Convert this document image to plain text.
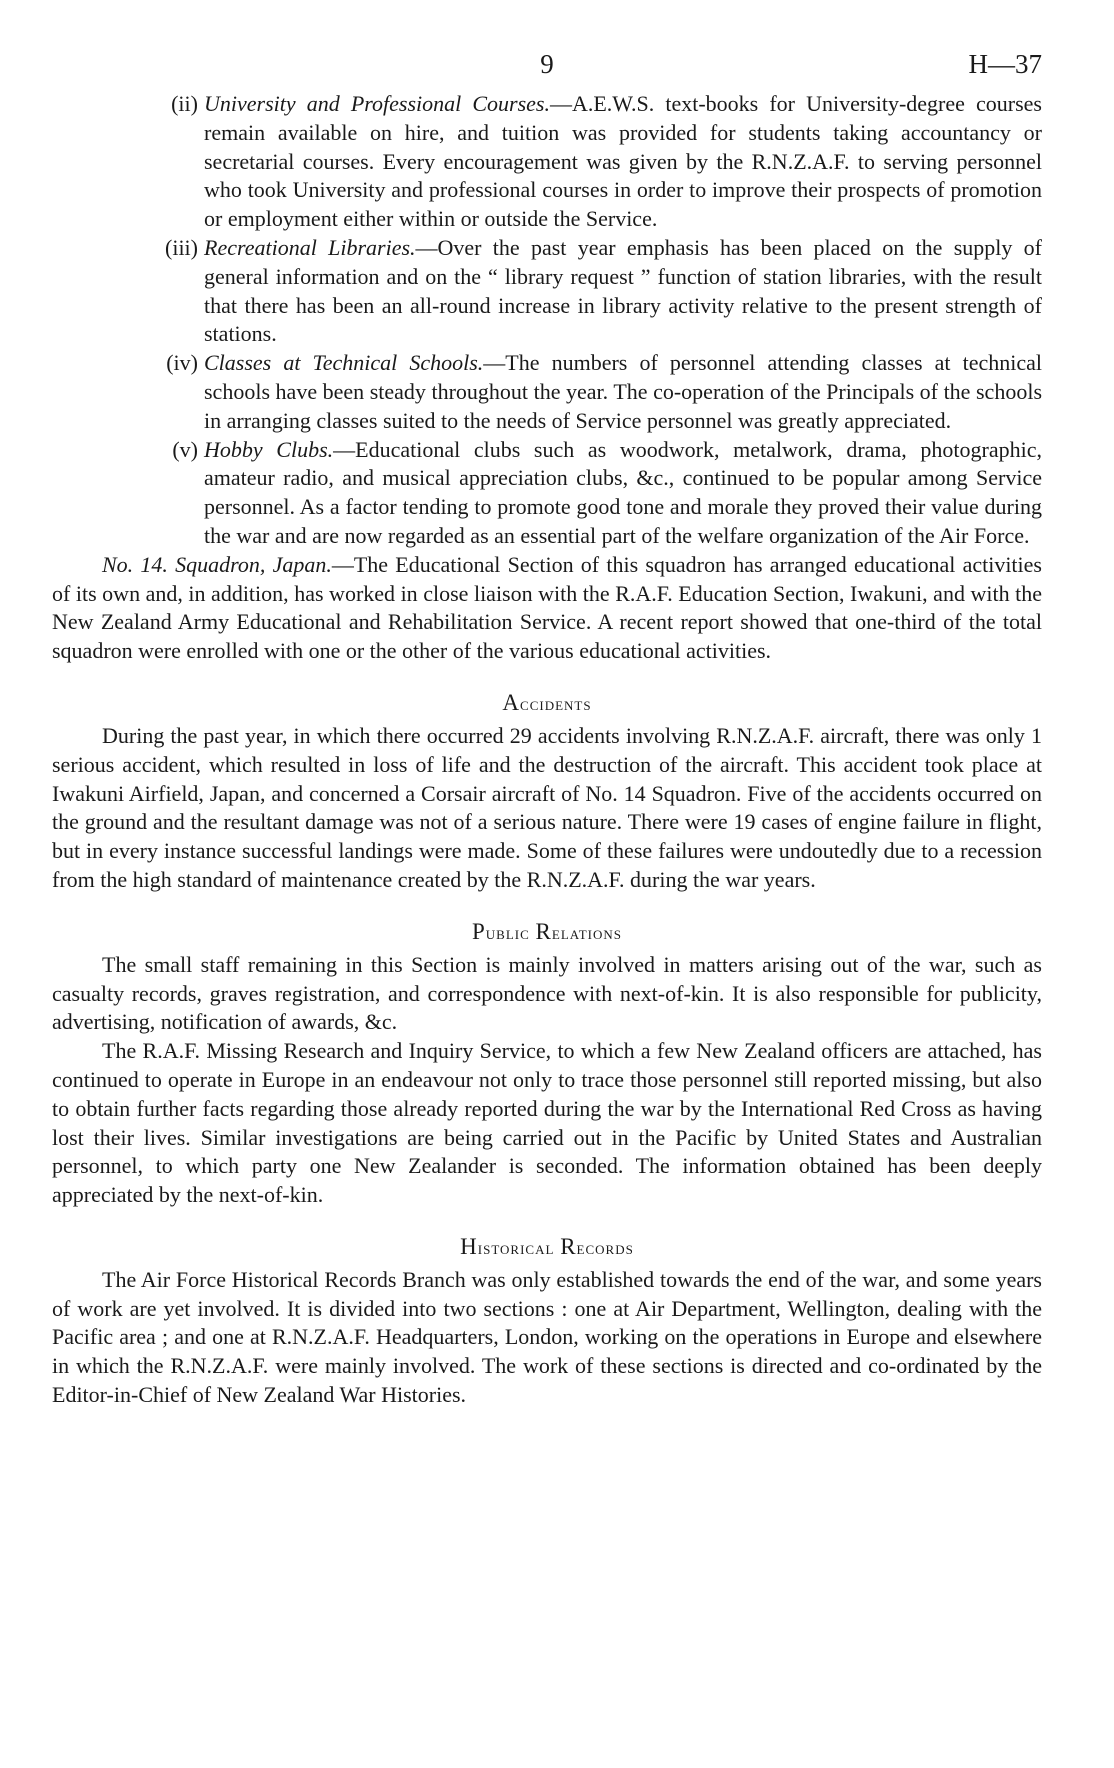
9	H—37
(ii) University and Professional Courses.—A.E.W.S. text-books for University-degree courses remain available on hire, and tuition was provided for students taking accountancy or secretarial courses. Every encouragement was given by the R.N.Z.A.F. to serving personnel who took University and professional courses in order to improve their prospects of promotion or employment either within or outside the Service.

(iii) Recreational Libraries.—Over the past year emphasis has been placed on the supply of general information and on the “ library request ” function of station libraries, with the result that there has been an all-round increase in library activity relative to the present strength of stations.

(iv) Classes at Technical Schools.—The numbers of personnel attending classes at technical schools have been steady throughout the year. The co-operation of the Principals of the schools in arranging classes suited to the needs of Service personnel was greatly appreciated.

(v) Hobby Clubs.—Educational clubs such as woodwork, metalwork, drama, photographic, amateur radio, and musical appreciation clubs, &c., continued to be popular among Service personnel. As a factor tending to promote good tone and morale they proved their value during the war and are now regarded as an essential part of the welfare organization of the Air Force.

No. 14. Squadron, Japan.—The Educational Section of this squadron has arranged educational activities of its own and, in addition, has worked in close liaison with the R.A.F. Education Section, Iwakuni, and with the New Zealand Army Educational and Rehabilitation Service. A recent report showed that one-third of the total squadron were enrolled with one or the other of the various educational activities.

Accidents

During the past year, in which there occurred 29 accidents involving R.N.Z.A.F. aircraft, there was only 1 serious accident, which resulted in loss of life and the destruction of the aircraft. This accident took place at Iwakuni Airfield, Japan, and concerned a Corsair aircraft of No. 14 Squadron. Five of the accidents occurred on the ground and the resultant damage was not of a serious nature. There were 19 cases of engine failure in flight, but in every instance successful landings were made. Some of these failures were undoutedly due to a recession from the high standard of maintenance created by the R.N.Z.A.F. during the war years.

Public Relations

The small staff remaining in this Section is mainly involved in matters arising out of the war, such as casualty records, graves registration, and correspondence with next-of-kin. It is also responsible for publicity, advertising, notification of awards, &c.

The R.A.F. Missing Research and Inquiry Service, to which a few New Zealand officers are attached, has continued to operate in Europe in an endeavour not only to trace those personnel still reported missing, but also to obtain further facts regarding those already reported during the war by the International Red Cross as having lost their lives. Similar investigations are being carried out in the Pacific by United States and Australian personnel, to which party one New Zealander is seconded. The information obtained has been deeply appreciated by the next-of-kin.

Historical Records

The Air Force Historical Records Branch was only established towards the end of the war, and some years of work are yet involved. It is divided into two sections : one at Air Department, Wellington, dealing with the Pacific area ; and one at R.N.Z.A.F. Headquarters, London, working on the operations in Europe and elsewhere in which the R.N.Z.A.F. were mainly involved. The work of these sections is directed and co-ordinated by the Editor-in-Chief of New Zealand War Histories.
